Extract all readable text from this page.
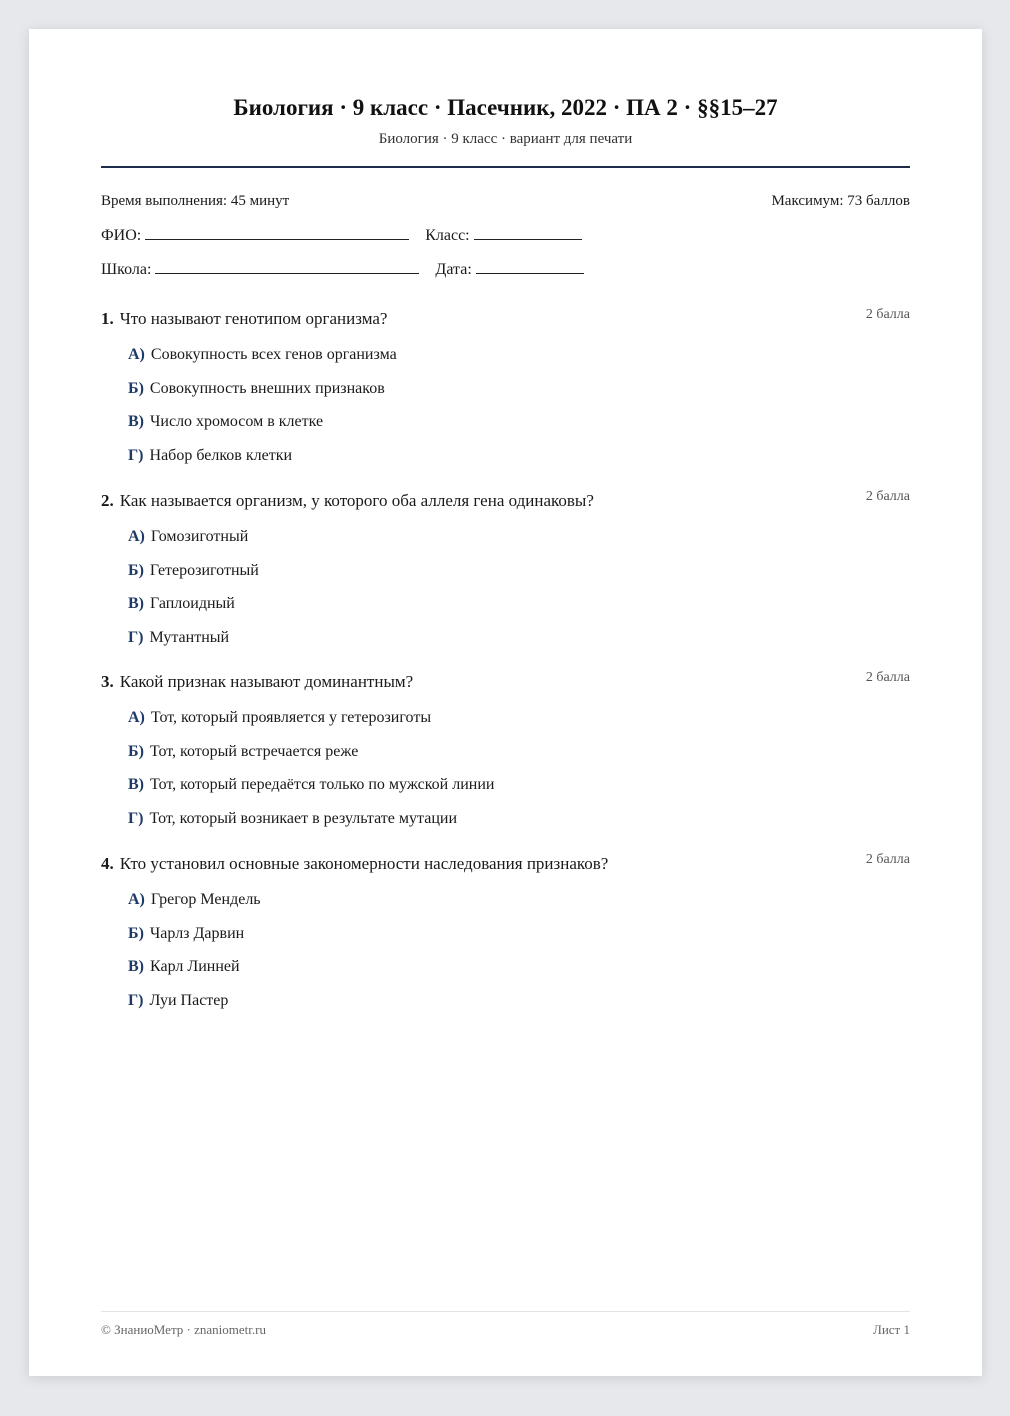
Биология · 9 класс · Пасечник, 2022 · ПА 2 · §§15–27
Биология · 9 класс · вариант для печати
Время выполнения: 45 минут	Максимум: 73 баллов
ФИО:	Класс:
Школа:	Дата:
1. Что называют генотипом организма?	2 балла
А) Совокупность всех генов организма
Б) Совокупность внешних признаков
В) Число хромосом в клетке
Г) Набор белков клетки
2. Как называется организм, у которого оба аллеля гена одинаковы?	2 балла
А) Гомозиготный
Б) Гетерозиготный
В) Гаплоидный
Г) Мутантный
3. Какой признак называют доминантным?	2 балла
А) Тот, который проявляется у гетерозиготы
Б) Тот, который встречается реже
В) Тот, который передаётся только по мужской линии
Г) Тот, который возникает в результате мутации
4. Кто установил основные закономерности наследования признаков?	2 балла
А) Грегор Мендель
Б) Чарлз Дарвин
В) Карл Линней
Г) Луи Пастер
© ЗнаниоМетр · znaniometr.ru	Лист 1
